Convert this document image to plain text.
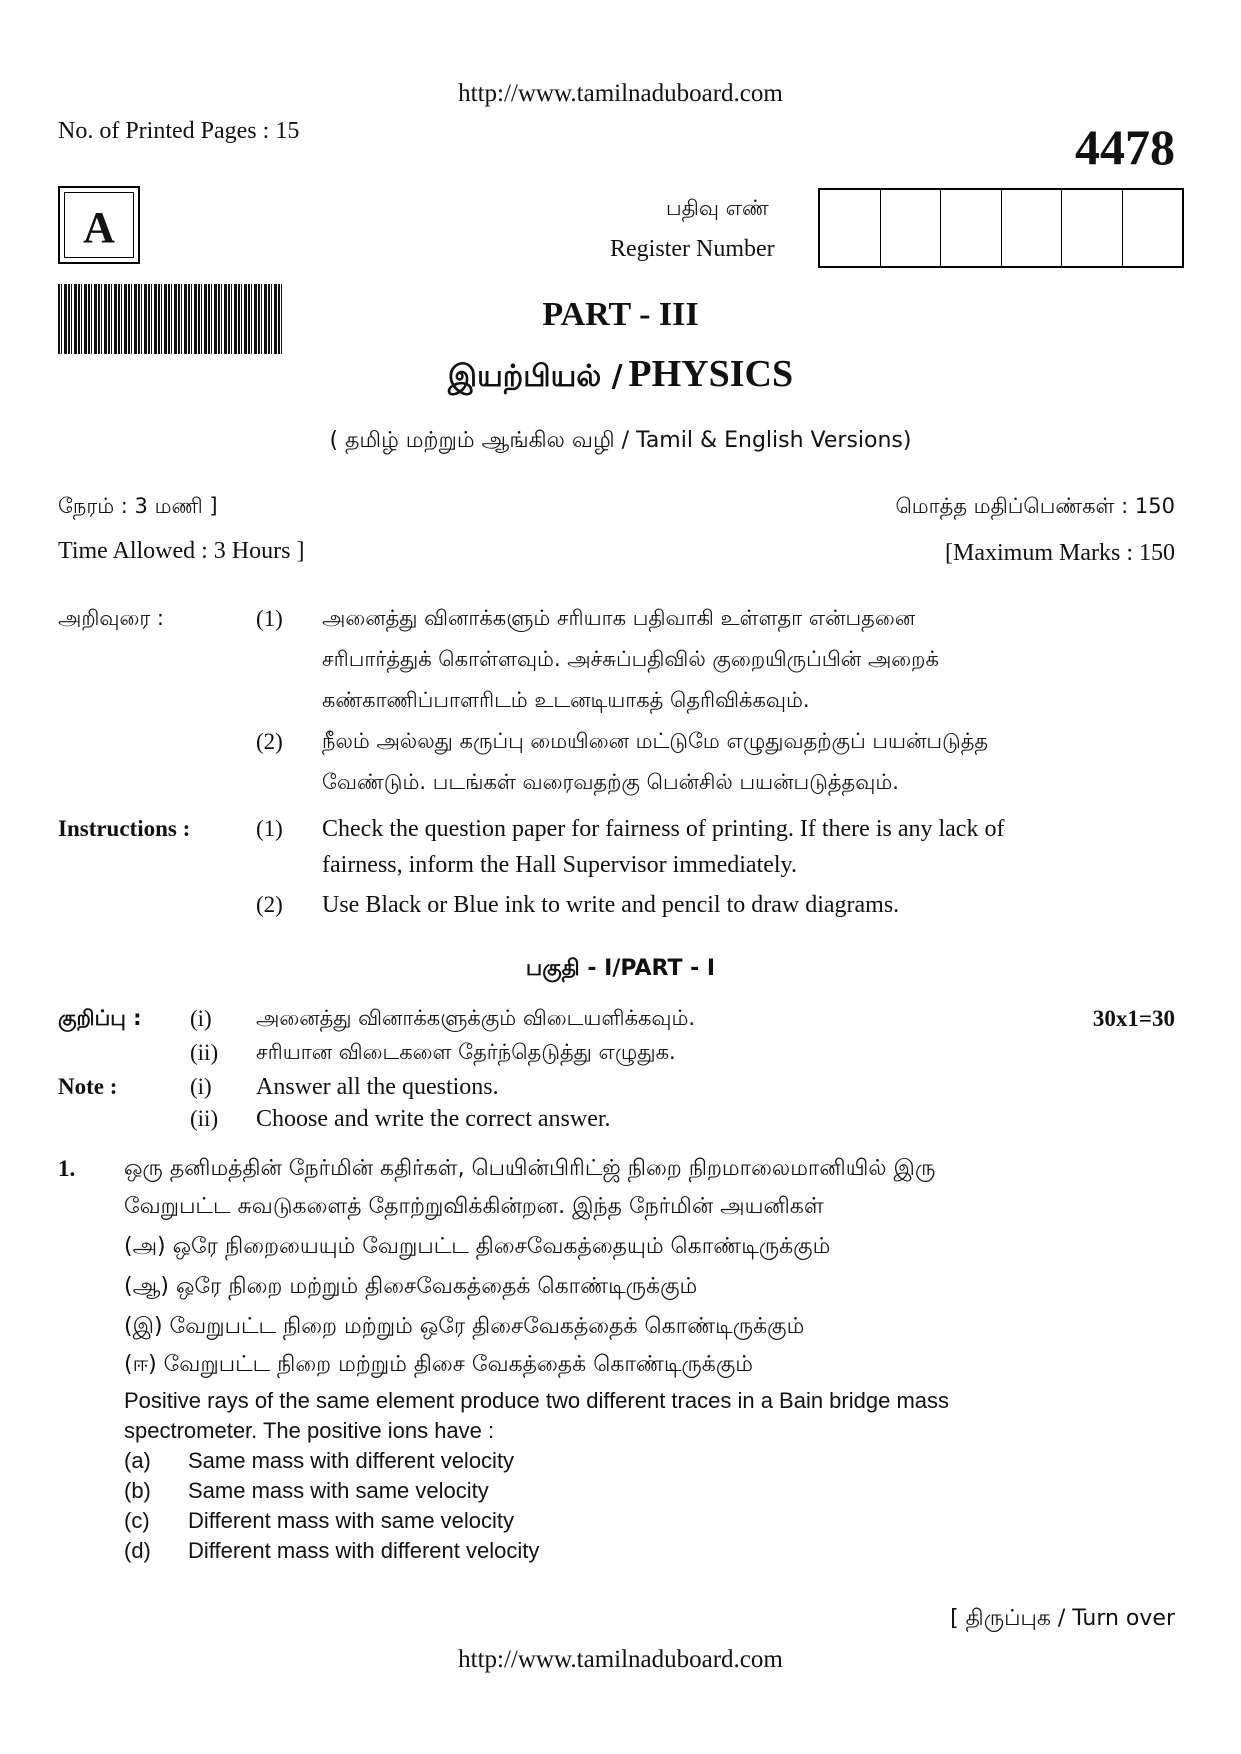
http://www.tamilnaduboard.com
No. of Printed Pages : 15	4478
A	பதிவு எண்
Register Number
PART - III
இயற்பியல் / PHYSICS
( தமிழ் மற்றும் ஆங்கில வழி / Tamil & English Versions)
நேரம் : 3 மணி ]	மொத்த மதிப்பெண்கள் : 150
Time Allowed : 3 Hours ]	[Maximum Marks : 150
அறிவுரை :	(1) அனைத்து வினாக்களும் சரியாக பதிவாகி உள்ளதா என்பதனை
சரிபார்த்துக் கொள்ளவும். அச்சுப்பதிவில் குறையிருப்பின் அறைக்
கண்காணிப்பாளரிடம் உடனடியாகத் தெரிவிக்கவும்.
(2) நீலம் அல்லது கருப்பு மையினை மட்டுமே எழுதுவதற்குப் பயன்படுத்த
வேண்டும். படங்கள் வரைவதற்கு பென்சில் பயன்படுத்தவும்.
Instructions :	(1) Check the question paper for fairness of printing. If there is any lack of
fairness, inform the Hall Supervisor immediately.
(2) Use Black or Blue ink to write and pencil to draw diagrams.
பகுதி - I/PART - I
குறிப்பு : (i) அனைத்து வினாக்களுக்கும் விடையளிக்கவும்.	30x1=30
(ii) சரியான விடைகளை தேர்ந்தெடுத்து எழுதுக.
Note :	(i) Answer all the questions.
(ii) Choose and write the correct answer.
1. ஒரு தனிமத்தின் நேர்மின் கதிர்கள், பெயின்பிரிட்ஜ் நிறை நிறமாலைமானியில் இரு
வேறுபட்ட சுவடுகளைத் தோற்றுவிக்கின்றன. இந்த நேர்மின் அயனிகள்
(அ) ஒரே நிறையையும் வேறுபட்ட திசைவேகத்தையும் கொண்டிருக்கும்
(ஆ) ஒரே நிறை மற்றும் திசைவேகத்தைக் கொண்டிருக்கும்
(இ) வேறுபட்ட நிறை மற்றும் ஒரே திசைவேகத்தைக் கொண்டிருக்கும்
(ஈ) வேறுபட்ட நிறை மற்றும் திசை வேகத்தைக் கொண்டிருக்கும்
Positive rays of the same element produce two different traces in a Bain bridge mass
spectrometer. The positive ions have :
(a) Same mass with different velocity
(b) Same mass with same velocity
(c) Different mass with same velocity
(d) Different mass with different velocity
[ திருப்புக / Turn over
http://www.tamilnaduboard.com
